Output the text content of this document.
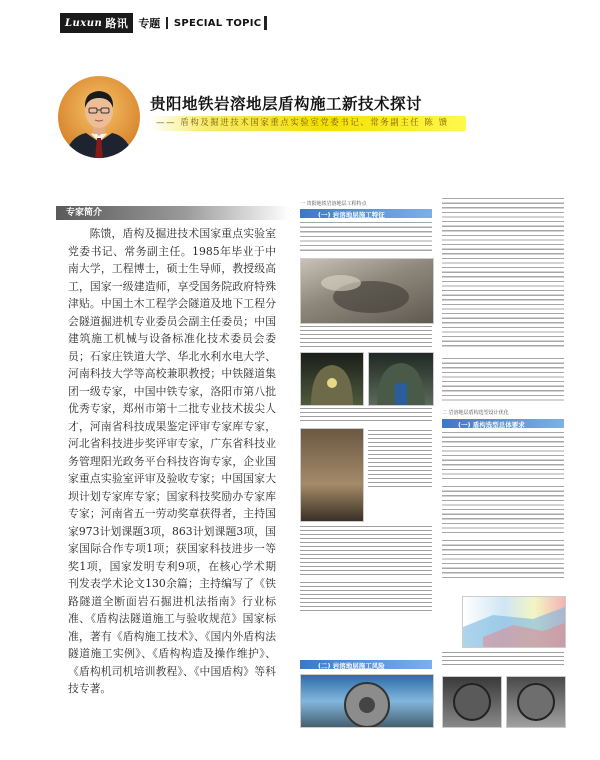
Luxun 路讯 专题 SPECIAL TOPIC
贵阳地铁岩溶地层盾构施工新技术探讨
—— 盾构及掘进技术国家重点实验室党委书记、常务副主任 陈 馈
专家简介
陈馈，盾构及掘进技术国家重点实验室党委书记、常务副主任。1985年毕业于中南大学，工程博士，硕士生导师，教授级高工，国家一级建造师，享受国务院政府特殊津贴。中国土木工程学会隧道及地下工程分会隧道掘进机专业委员会副主任委员；中国建筑施工机械与设备标准化技术委员会委员；石家庄铁道大学、华北水利水电大学、河南科技大学等高校兼职教授；中铁隧道集团一级专家，中国中铁专家，洛阳市第八批优秀专家，郑州市第十二批专业技术拔尖人才，河南省科技成果鉴定评审专家库专家，河北省科技进步奖评审专家，广东省科技业务管理阳光政务平台科技咨询专家，企业国家重点实验室评审及验收专家；中国国家大坝计划专家库专家；国家科技奖励办专家库专家；河南省五一劳动奖章获得者，主持国家973计划课题3项，863计划课题3项，国家国际合作专项1项；获国家科技进步一等奖1项，国家发明专利9项，在核心学术期刊发表学术论文130余篇；主持编写了《铁路隧道全断面岩石掘进机法指南》行业标准、《盾构法隧道施工与验收规范》国家标准，著有《盾构施工技术》、《国内外盾构法隧道施工实例》、《盾构构造及操作维护》、《盾构机司机培训教程》、《中国盾构》等科技专著。
一 贵阳地铁岩溶地层工程特点
(一) 岩溶地层施工特征
(二) 岩溶地层施工风险
二 岩溶地层盾构选型设计优化
(一) 盾构选型总体要求
